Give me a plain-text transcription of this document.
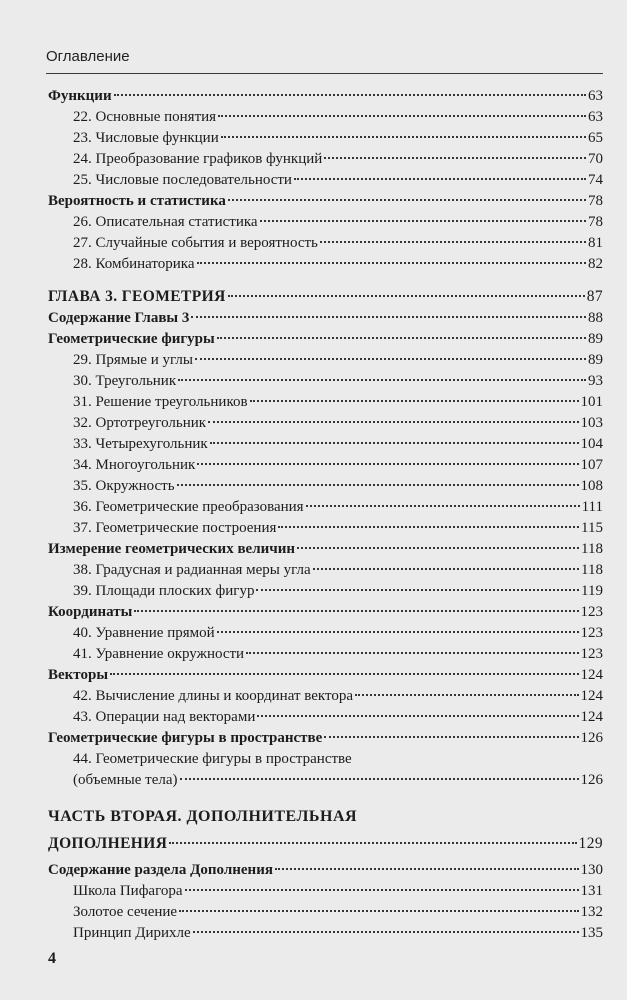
Оглавление
Функции	63
22. Основные понятия	63
23. Числовые функции	65
24. Преобразование графиков функций	70
25. Числовые последовательности	74
Вероятность и статистика	78
26. Описательная статистика	78
27. Случайные события и вероятность	81
28. Комбинаторика	82
ГЛАВА 3. ГЕОМЕТРИЯ	87
Содержание Главы 3	88
Геометрические фигуры	89
29. Прямые и углы	89
30. Треугольник	93
31. Решение треугольников	101
32. Ортотреугольник	103
33. Четырехугольник	104
34. Многоугольник	107
35. Окружность	108
36. Геометрические преобразования	111
37. Геометрические построения	115
Измерение геометрических величин	118
38. Градусная и радианная меры угла	118
39. Площади плоских фигур	119
Координаты	123
40. Уравнение прямой	123
41. Уравнение окружности	123
Векторы	124
42. Вычисление длины и координат вектора	124
43. Операции над векторами	124
Геометрические фигуры в пространстве	126
44. Геометрические фигуры в пространстве
(объемные тела)	126
ЧАСТЬ ВТОРАЯ. ДОПОЛНИТЕЛЬНАЯ
ДОПОЛНЕНИЯ	129
Содержание раздела Дополнения	130
Школа Пифагора	131
Золотое сечение	132
Принцип Дирихле	135
4
